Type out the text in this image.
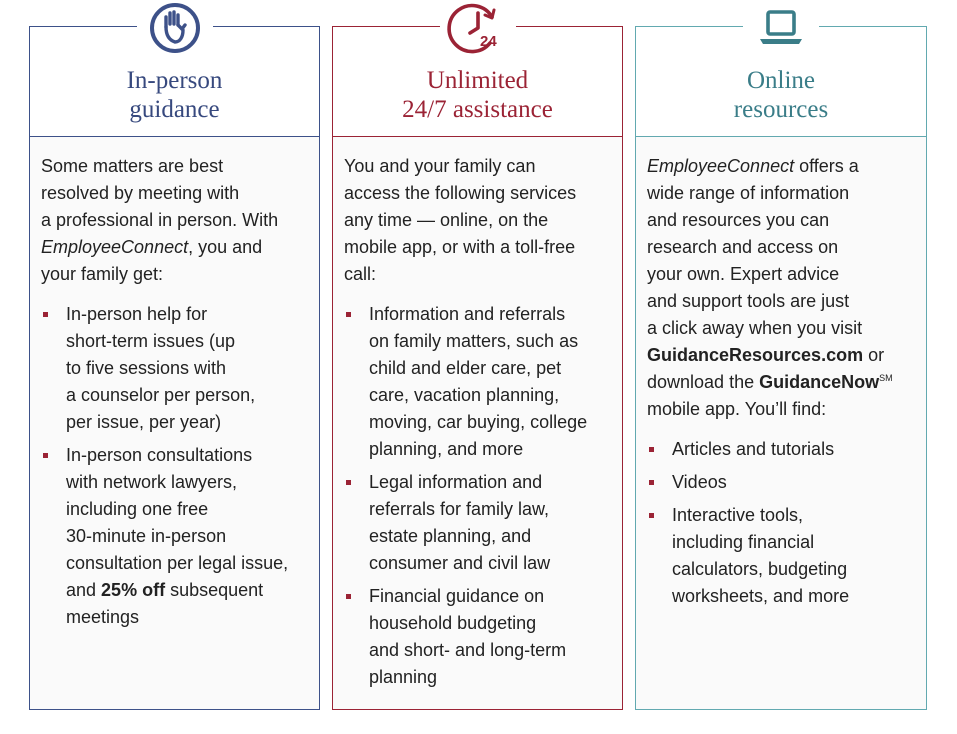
In-person
guidance

Some matters are best
resolved by meeting with
a professional in person. With
EmployeeConnect, you and
your family get:

In-person help for
short-term issues (up
to five sessions with
a counselor per person,
per issue, per year)
In-person consultations
with network lawyers,
including one free
30-minute in-person
consultation per legal issue,
and 25% off subsequent
meetings
24
Unlimited
24/7 assistance

You and your family can
access the following services
any time — online, on the
mobile app, or with a toll-free
call:

Information and referrals
on family matters, such as
child and elder care, pet
care, vacation planning,
moving, car buying, college
planning, and more
Legal information and
referrals for family law,
estate planning, and
consumer and civil law
Financial guidance on
household budgeting
and short- and long-term
planning
Online
resources

EmployeeConnect offers a
wide range of information
and resources you can
research and access on
your own. Expert advice
and support tools are just
a click away when you visit
GuidanceResources.com or
download the GuidanceNow℠
mobile app. You’ll find:

Articles and tutorials
Videos
Interactive tools,
including financial
calculators, budgeting
worksheets, and more
